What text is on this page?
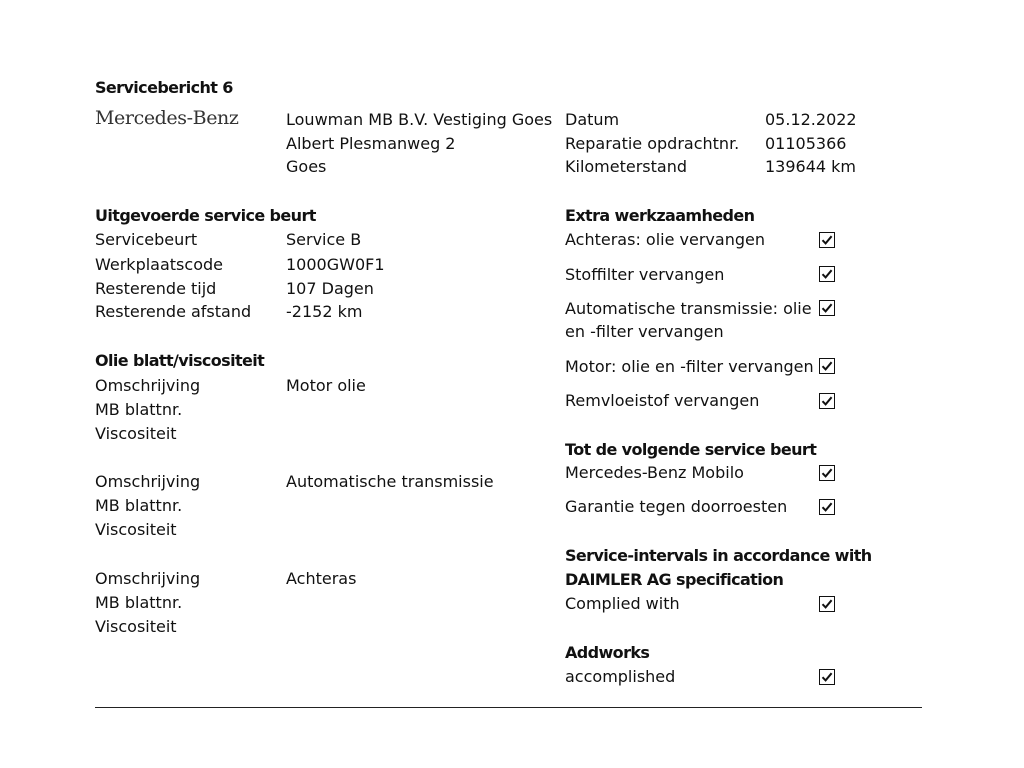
Servicebericht 6
Mercedes-Benz	Louwman MB B.V. Vestiging Goes
Albert Plesmanweg 2
Goes
Datum	05.12.2022
Reparatie opdrachtnr. 01105366
Kilometerstand	139644 km
Uitgevoerde service beurt
Servicebeurt	Service B
Werkplaatscode	1000GW0F1
Resterende tijd	107 Dagen
Resterende afstand -2152 km
Olie blatt/viscositeit
Omschrijving	Motor olie
MB blattnr.
Viscositeit
Omschrijving	Automatische transmissie
MB blattnr.
Viscositeit
Omschrijving	Achteras
MB blattnr.
Viscositeit
Extra werkzaamheden
Achteras: olie vervangen
Stoffilter vervangen
Automatische transmissie: olie
en -filter vervangen
Motor: olie en -filter vervangen
Remvloeistof vervangen
Tot de volgende service beurt
Mercedes-Benz Mobilo
Garantie tegen doorroesten
Service-intervals in accordance with
DAIMLER AG specification
Complied with
Addworks
accomplished
